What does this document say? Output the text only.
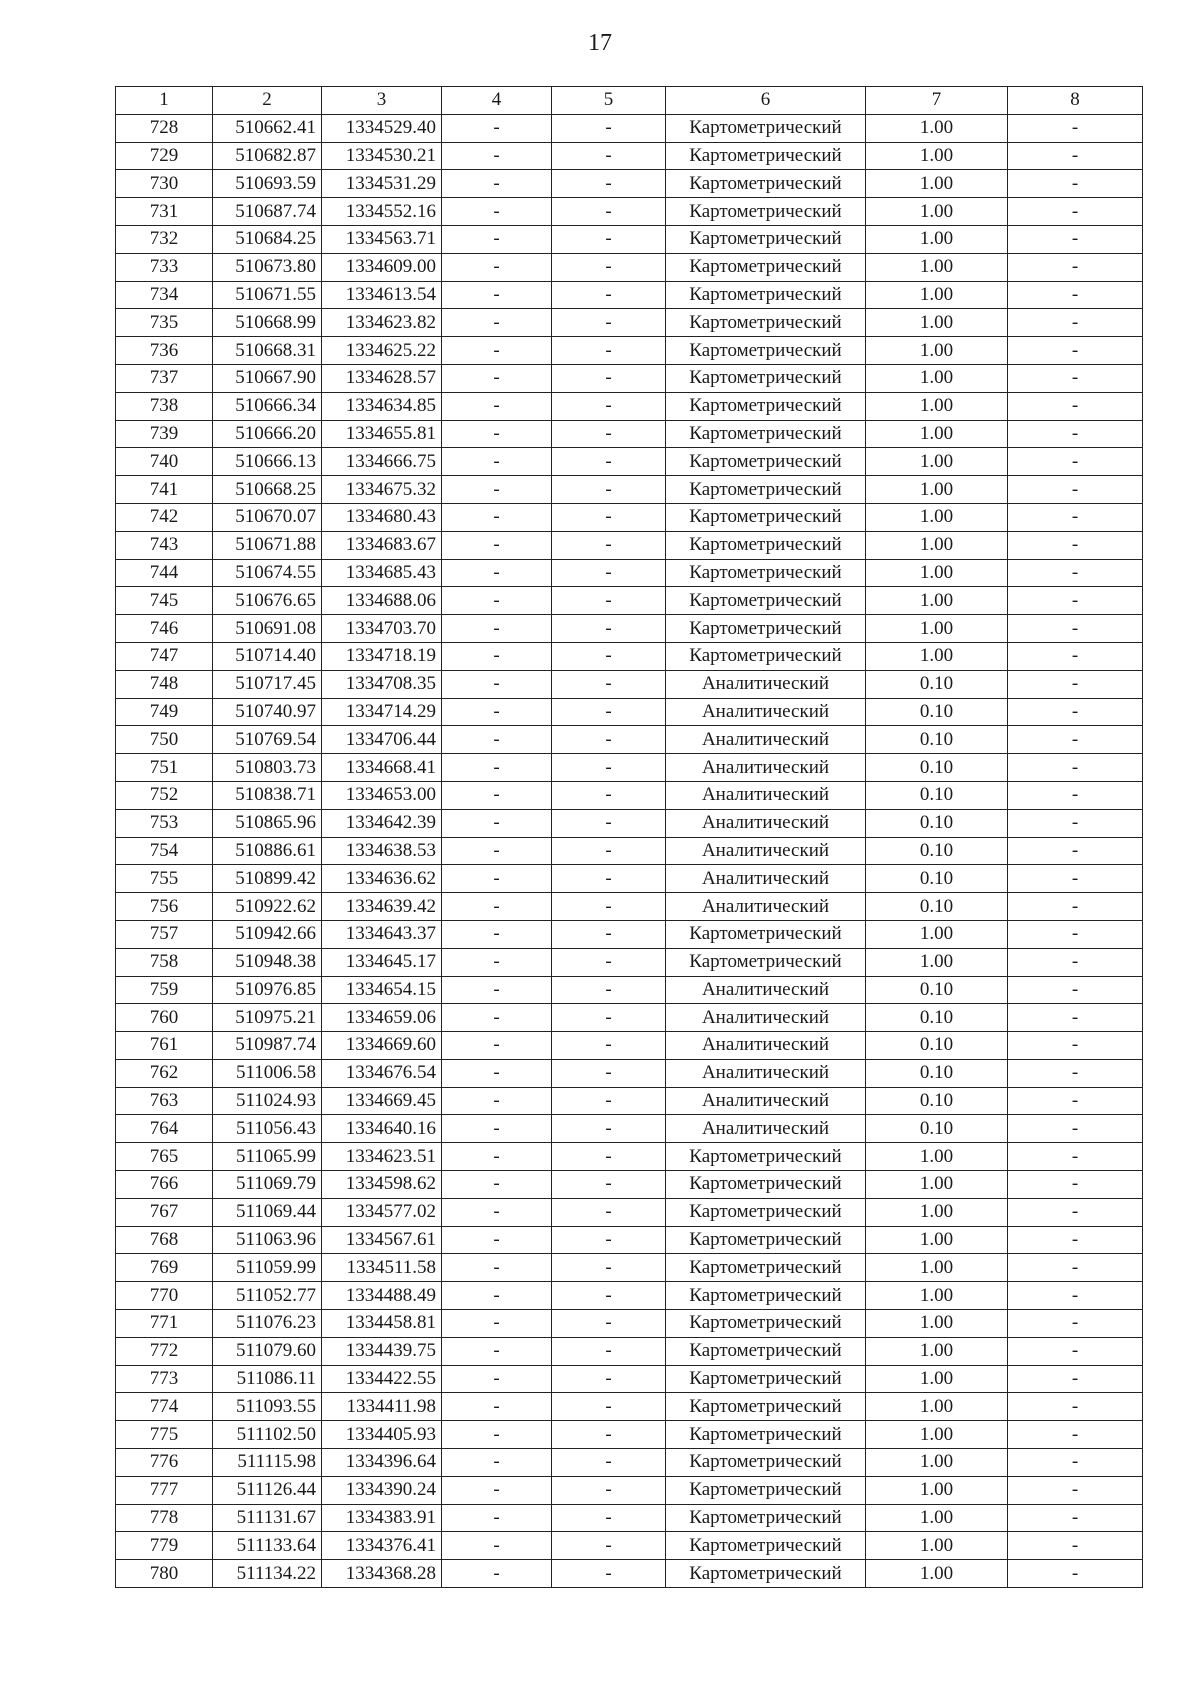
17
1	2	3	4	5	6	7	8
728	510662.41	1334529.40	-	-	Картометрический	1.00	-
729	510682.87	1334530.21	-	-	Картометрический	1.00	-
730	510693.59	1334531.29	-	-	Картометрический	1.00	-
731	510687.74	1334552.16	-	-	Картометрический	1.00	-
732	510684.25	1334563.71	-	-	Картометрический	1.00	-
733	510673.80	1334609.00	-	-	Картометрический	1.00	-
734	510671.55	1334613.54	-	-	Картометрический	1.00	-
735	510668.99	1334623.82	-	-	Картометрический	1.00	-
736	510668.31	1334625.22	-	-	Картометрический	1.00	-
737	510667.90	1334628.57	-	-	Картометрический	1.00	-
738	510666.34	1334634.85	-	-	Картометрический	1.00	-
739	510666.20	1334655.81	-	-	Картометрический	1.00	-
740	510666.13	1334666.75	-	-	Картометрический	1.00	-
741	510668.25	1334675.32	-	-	Картометрический	1.00	-
742	510670.07	1334680.43	-	-	Картометрический	1.00	-
743	510671.88	1334683.67	-	-	Картометрический	1.00	-
744	510674.55	1334685.43	-	-	Картометрический	1.00	-
745	510676.65	1334688.06	-	-	Картометрический	1.00	-
746	510691.08	1334703.70	-	-	Картометрический	1.00	-
747	510714.40	1334718.19	-	-	Картометрический	1.00	-
748	510717.45	1334708.35	-	-	Аналитический	0.10	-
749	510740.97	1334714.29	-	-	Аналитический	0.10	-
750	510769.54	1334706.44	-	-	Аналитический	0.10	-
751	510803.73	1334668.41	-	-	Аналитический	0.10	-
752	510838.71	1334653.00	-	-	Аналитический	0.10	-
753	510865.96	1334642.39	-	-	Аналитический	0.10	-
754	510886.61	1334638.53	-	-	Аналитический	0.10	-
755	510899.42	1334636.62	-	-	Аналитический	0.10	-
756	510922.62	1334639.42	-	-	Аналитический	0.10	-
757	510942.66	1334643.37	-	-	Картометрический	1.00	-
758	510948.38	1334645.17	-	-	Картометрический	1.00	-
759	510976.85	1334654.15	-	-	Аналитический	0.10	-
760	510975.21	1334659.06	-	-	Аналитический	0.10	-
761	510987.74	1334669.60	-	-	Аналитический	0.10	-
762	511006.58	1334676.54	-	-	Аналитический	0.10	-
763	511024.93	1334669.45	-	-	Аналитический	0.10	-
764	511056.43	1334640.16	-	-	Аналитический	0.10	-
765	511065.99	1334623.51	-	-	Картометрический	1.00	-
766	511069.79	1334598.62	-	-	Картометрический	1.00	-
767	511069.44	1334577.02	-	-	Картометрический	1.00	-
768	511063.96	1334567.61	-	-	Картометрический	1.00	-
769	511059.99	1334511.58	-	-	Картометрический	1.00	-
770	511052.77	1334488.49	-	-	Картометрический	1.00	-
771	511076.23	1334458.81	-	-	Картометрический	1.00	-
772	511079.60	1334439.75	-	-	Картометрический	1.00	-
773	511086.11	1334422.55	-	-	Картометрический	1.00	-
774	511093.55	1334411.98	-	-	Картометрический	1.00	-
775	511102.50	1334405.93	-	-	Картометрический	1.00	-
776	511115.98	1334396.64	-	-	Картометрический	1.00	-
777	511126.44	1334390.24	-	-	Картометрический	1.00	-
778	511131.67	1334383.91	-	-	Картометрический	1.00	-
779	511133.64	1334376.41	-	-	Картометрический	1.00	-
780	511134.22	1334368.28	-	-	Картометрический	1.00	-
